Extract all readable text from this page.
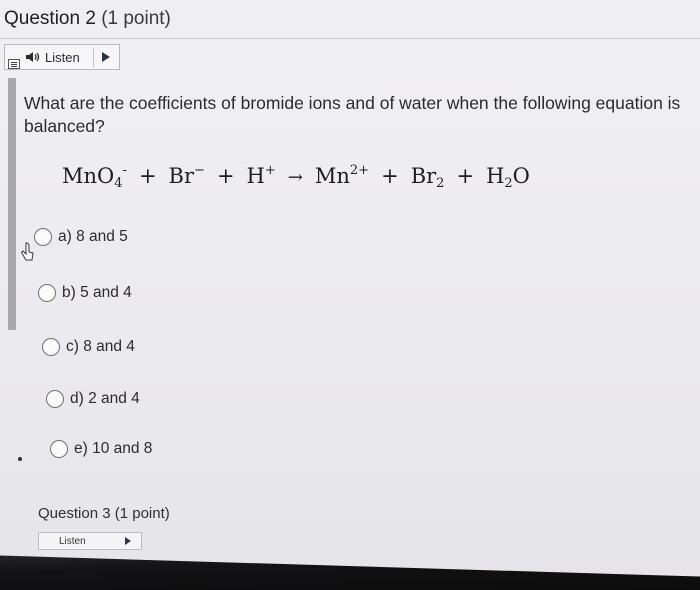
Question 2 (1 point)
Listen
What are the coefficients of bromide ions and of water when the following equation is balanced?
$MnO_4^- + Br^- + H^+ \to Mn^{2+} + Br_2 + H_2O$
a) 8 and 5
b) 5 and 4
c) 8 and 4
d) 2 and 4
e) 10 and 8
Question 3 (1 point)
Listen
